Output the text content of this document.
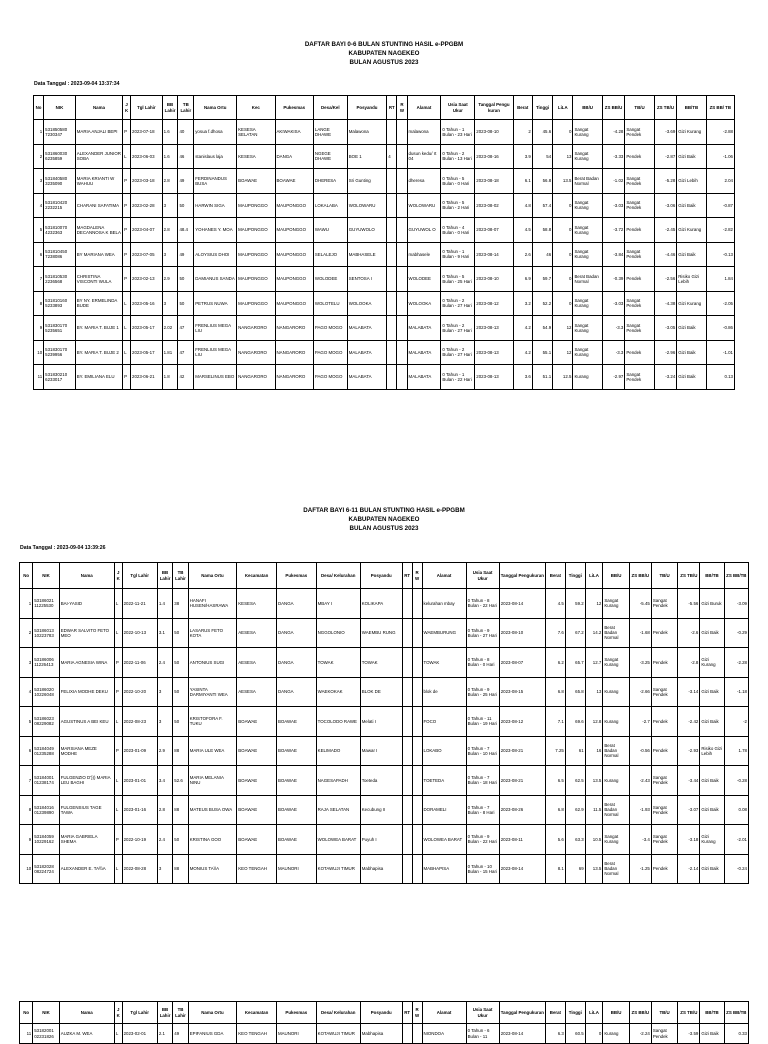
DAFTAR BAYI 0-6 BULAN STUNTING HASIL e-PPGBM
KABUPATEN NAGEKEO
BULAN AGUSTUS 2023
Data Tanggal : 2023-09-04 13:37:34
No	NIK	Nama	JK	Tgl Lahir	BB Lahir	TB Lahir	Nama Ortu	Kec	Pukesmas	Desa/Kel	Posyandu	RT	RW	Alamat	Usia Saat Ukur	Tanggal Pengu kuran	Berat	Tinggi	LiLA	BB/U	ZS BB/U	TB/U	ZS TB/U	BB/TB	ZS BB/ TB
1	531850580 7230347	MARIA ANJALI BEPI	P	2023-07-18	1.6	40	yosua f.dhosa	KESESA SELATAN	AKIWAKISA	LANGE DHAWE	Malawona			malawona	0 Tahun - 1 Bulan - 23 Hari	2023-08-10	2	45.6	0	Sangat Kurang	-4.28	Sangat Pendek	-3.69	Gizi Kurang	-2.88
2	531860030 6235859	ALEXANDER JUNIOR SOBA	L	2023-06-03	1.6	46	stanislaus laja	KESESA	DANGA	NGEGE DHAWE	BOE 1	4		dusun kedu/ rt 04	0 Tahun - 2 Bulan - 13 Hari	2023-08-16	3.9	54	13	Sangat Kurang	-3.33	Pendek	-2.87	Gizi Baik	-1.06
3	531840580 3235090	MARIA KRIANTI W WAHUU	P	2023-03-18	2.8	49	FERDINANDUS BUSA	BOAWAE	BOAWAE	DHERESA	Sri Gunting			dheresa	0 Tahun - 5 Bulan - 0 Hari	2023-08-18	6.1	56.8	13.5	Berat Badan Normal	-1.02	Sangat Pendek	-5.28	Gizi Lebih	2.04
4	531810420 2232215	CHARANI SAFATIMA	P	2023-02-28	3	50	HARWIN SIGA	MAUPONGGO	MAUPONGGO	LOKALABA	WOLOWARU			WOLOWARU	0 Tahun - 5 Bulan - 2 Hari	2023-08-02	4.8	57.4	0	Sangat Kurang	-3.03	Sangat Pendek	-3.06	Gizi Baik	-0.87
5	531810070 4232363	MAGDALENA DECANNOSA K BELA	P	2023-04-07	2.8	48.4	YOHANES Y. MOA	MAUPONGGO	MAUPONGGO	WAWU	GUYUWOLO			GUYUWOL O	0 Tahun - 4 Bulan - 0 Hari	2023-08-07	4.5	58.8	0	Sangat Kurang	-3.72	Pendek	-2.45	Gizi Kurang	-2.82
6	531810450 7238086	BY MARIANA WEA	P	2023-07-05	3	49	ALOYSIUS DHOI	MAUPONGGO	MAUPONGGO	SELALEJO	MABHASELE			mabhasele	0 Tahun - 1 Bulan - 9 Hari	2023-08-14	2.6	46	0	Sangat Kurang	-3.84	Sangat Pendek	-4.46	Gizi Baik	-0.13
7	531810530 2236568	CHRISTINA VISCONTI WULA	P	2023-02-13	2.9	50	DAMIANUS SANDA	MAUPONGGO	MAUPONGGO	WOLODEE	SENTOSA I			WOLODEE	0 Tahun - 5 Bulan - 25 Hari	2023-08-10	6.9	59.7	0	Berat Badan Normal	-0.39	Pendek	-2.56	Risiko Gizi Lebih	1.84
8	531810160 5233893	BY NY. ERMELINDA BUDE	L	2023-05-16	3	50	PETRUS NUWA	MAUPONGGO	MAUPONGGO	WOLOTELU	WOLOOKA			WOLOOKA	0 Tahun - 2 Bulan - 27 Hari	2023-08-12	3.2	52.2	0	Sangat Kurang	-3.03	Sangat Pendek	-4.38	Gizi Kurang	-2.05
9	531830170 5235651	BY. MARIA T. BUJE 1	L	2023-05-17	2.02	47	FRENLIUS MEGA LIU	NANGARORO	NANGARORO	PAGO MOGO	MALABATA			MALABATA	0 Tahun - 2 Bulan - 27 Hari	2023-08-13	4.2	54.9	12	Sangat Kurang	-3.3	Sangat Pendek	-3.05	Gizi Baik	-0.86
10	531830170 5239956	BY. MARIA T. BUJE 2	L	2023-05-17	1.81	47	FRENLIUS MEGA LIU	NANGARORO	NANGARORO	PAGO MOGO	MALABATA			MALABATA	0 Tahun - 2 Bulan - 27 Hari	2023-08-13	4.2	55.1	12	Sangat Kurang	-3.3	Pendek	-2.96	Gizi Baik	-1.01
11	531830210 6233017	BY. EMILIANA ELU	P	2023-06-21	1.8	42	MARSELINUS EBO	NANGARORO	NANGARORO	PAGO MOGO	MALABATA			MALABATA	0 Tahun - 1 Bulan - 22 Hari	2023-08-13	3.6	51.1	12.5	Kurang	-2.97	Sangat Pendek	-3.24	Gizi Baik	0.13
DAFTAR BAYI 6-11 BULAN STUNTING HASIL e-PPGBM
KABUPATEN NAGEKEO
BULAN AGUSTUS 2023
Data Tanggal : 2023-09-04 13:39:26
No	NIK	Nama	JK	Tgl Lahir	BB Lahir	TB Lahir	Nama Ortu	Kecamatan	Pukesmas	Desa/ Kelurahan	Posyandu	RT	RW	Alamat	Usia Saat Ukur	Tanggal Pengukuran	Berat	Tinggi	LiLA	BB/U	ZS BB/U	TB/U	ZS TB/U	BB/TB	ZS BB/TB
1	53186021 11225530	BAI-YASID	L	2022-11-21	1.4	38	HANAFI HUSEN/HASRAWA	KESESA	DANGA	MBAY I	KOLIKAPA			kelurahan mbay	0 Tahun - 8 Bulan - 22 Hari	2023-08-14	4.5	59.2	12	Sangat Kurang	-5.45	Sangat Pendek	-5.56	Gizi Buruk	-3.09
2	53186013 10223783	EDWAR SALVITO FETO MEO	L	2022-10-13	3.1	50	LASARUS FETO KOTA	AESESA	DANGA	NGGOLONIO	WAEMBU RUNG			WAEMBURUNG	0 Tahun - 9 Bulan - 27 Hari	2023-08-10	7.6	67.2	14.2	Berat Badan Normal	-1.68	Pendek	-2.6	Gizi Baik	-0.29
3	53186006 11226413	MARIA AGNESIA WINA	P	2022-11-06	2.4	50	ANTONIUS SUGI	AESESA	DANGA	TOWAK	TOWAK			TOWAK	0 Tahun - 8 Bulan - 0 Hari	2023-08-07	6.2	65.7	12.7	Sangat Kurang	-3.25	Pendek	-2.8	Gizi Kurang	-2.28
4	53186020 10226048	FELIXIA MODHE DEKU	P	2022-10-20	3	50	YASINTA DARMIYANTI WEA	AESESA	DANGA	WAEKOKAK	BLOK DE			blok de	0 Tahun - 9 Bulan - 25 Hari	2023-08-15	6.8	65.8	13	Kurang	-2.66	Sangat Pendek	-3.14	Gizi Baik	-1.18
5	53186023 08229082	AGUSTINUS A BEI KEU	L	2022-08-23	3	50	KRISTOFORA F. TUKU	BOAWAE	BOAWAE	TOCOLODO RAWE	Melati I			FOCO	0 Tahun - 11 Bulan - 19 Hari	2023-08-12	7.1	69.6	12.8	Kurang	-2.7	Pendek	-2.42	Gizi Baik	-2
6	53184049 01235288	MARSIANA MEZE MODHE	P	2023-01-09	2.9	88	MARIA ULE WEA	BOAWAE	BOAWAE	KELIMADO	Mawar I			LOKABO	0 Tahun - 7 Bulan - 10 Hari	2023-08-21	7.25	61	16	Berat Badan Normal	-0.56	Pendek	-2.93	Risiko Gizi Lebih	1.78
7	53184001 01238174	FULGENZIO D'))) MARIA LEU BAGHI	L	2023-01-01	3.4	52.6	MARIA MELANIA NINU	BOAWAE	BOAWAE	NAGESAPADH	Toeteda			TOETEDA	0 Tahun - 7 Bulan - 18 Hari	2023-08-21	6.5	62.5	13.5	Kurang	-2.43	Sangat Pendek	-3.44	Gizi Baik	-0.28
8	53184016 01239890	FULGENSIUS TAGE TAWA	L	2023-01-16	2.8	88	MATEUS BUSA OWA	BOAWAE	BOAWAE	RAJA SELATAN	Kecubung II			DORAMELI	0 Tahun - 7 Bulan - 8 Hari	2023-08-26	6.8	62.9	11.5	Berat Badan Normal	-1.93	Sangat Pendek	-3.07	Gizi Baik	0.08
9	53184059 10229162	MARIA GABRIELA SHEMA	P	2022-10-19	2.4	50	KRISTINA GOO	BOAWAE	BOAWAE	WOLOWEA BARAT	Puyuh I			WOLOWEA BARAT	0 Tahun - 9 Bulan - 22 Hari	2023-08-11	5.6	63.3	10.5	Sangat Kurang	-3.4	Sangat Pendek	-3.18	Gizi Kurang	-2.01
10	53182028 08224724	ALEXANDER E. TA\\\A	L	2022-08-28	3	88	MONIUS TA\\A	KEO TENGAH	MAUNORI	KOTAWUJI TIMUR	Mabhapisa			MABHAPISA	0 Tahun - 10 Bulan - 15 Hari	2023-08-14	8.1	69	13.5	Berat Badan Normal	-1.25	Pendek	-2.14	Gizi Baik	-0.24
No	NIK	Nama	JK	Tgl Lahir	BB Lahir	TB Lahir	Nama Ortu	Kecamatan	Pukesmas	Desa/ Kelurahan	Posyandu	RT	RW	Alamat	Usia Saat Ukur	Tanggal Pengukuran	Berat	Tinggi	LiLA	BB/U	ZS BB/U	TB/U	ZS TB/U	BB/TB	ZS BB/TB
11	53182001 02231826	AUZKA M. WEA	L	2023-02-01	2.1	49	EPIFANIUS GDA	KEO TENGAH	MAUNORI	KOTAWUJI TIMUR	Mabhapisa			NIONDOA	0 Tahun - 6 Bulan - 11	2023-08-14	6.3	60.5	0	Kurang	-2.24	Sangat Pendek	-3.59	Gizi Baik	0.33
